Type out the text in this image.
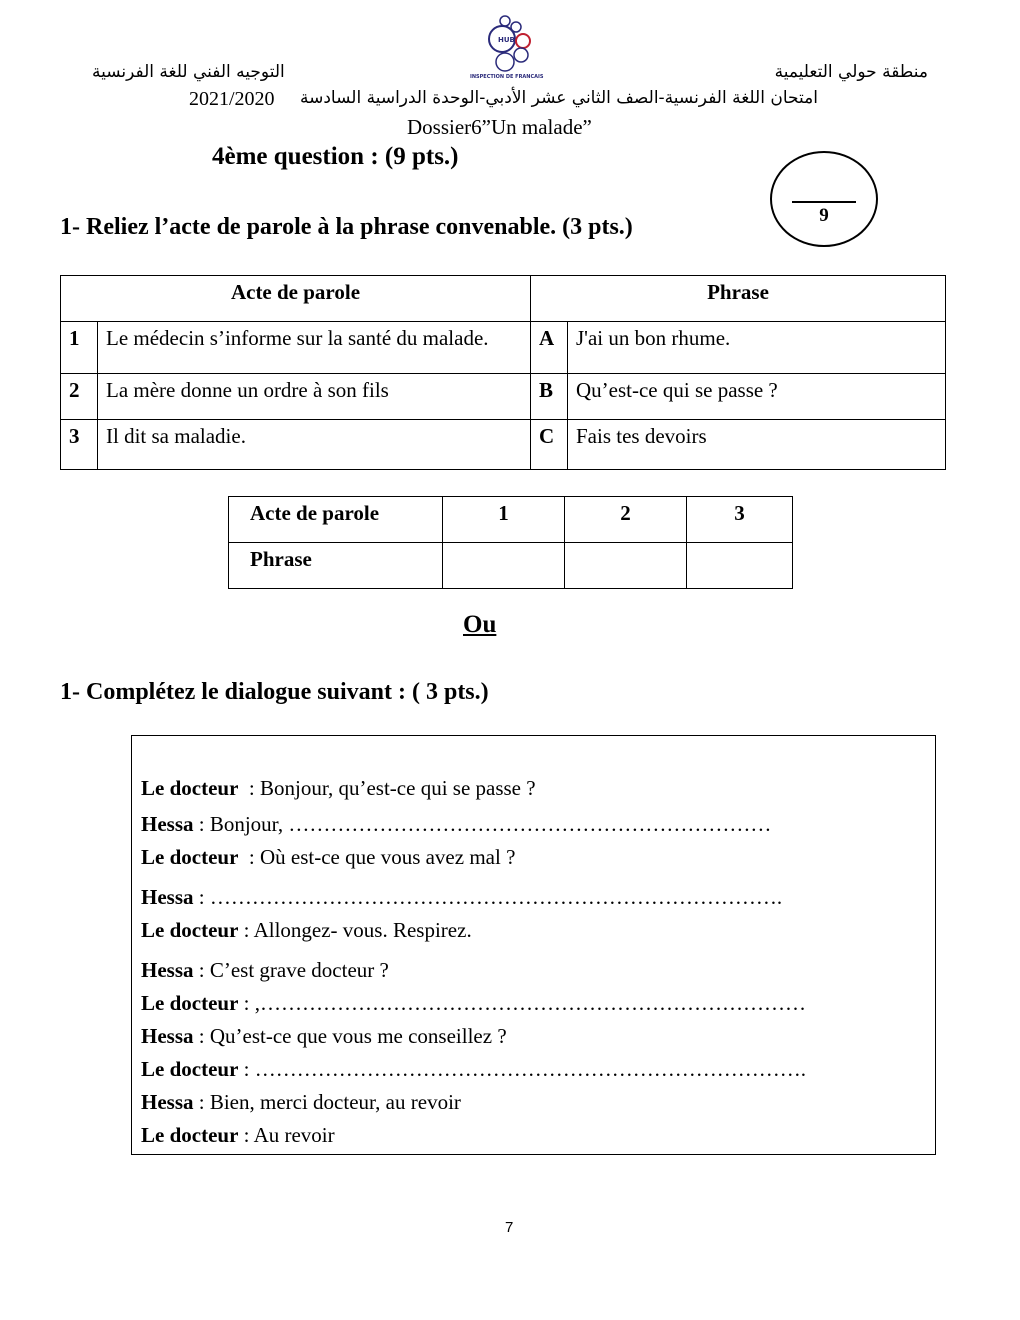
منطقة حولي التعليمية
التوجيه الفني للغة الفرنسية
HUB
INSPECTION DE FRANCAIS
امتحان اللغة الفرنسية-الصف الثاني عشر الأدبي-الوحدة الدراسية السادسة
2021/2020
Dossier6”Un malade”
4ème question : (9 pts.)
9
1- Reliez l’acte de parole à la phrase convenable. (3 pts.)
Acte de parole		Phrase	
1	Le médecin s’informe sur la santé du malade.	A	J'ai un bon rhume.
2	La mère donne un ordre à son fils	B	Qu’est-ce qui se passe ?
3	Il dit sa maladie.	C	Fais tes devoirs
Acte de parole	1	2	3
Phrase			
Ou
1- Complétez le dialogue suivant : ( 3 pts.)
Le docteur  : Bonjour, qu’est-ce qui se passe ?
Hessa : Bonjour, ……………………………………………………………
Le docteur  : Où est-ce que vous avez mal ?
Hessa : ……………………………………………………………………….
Le docteur : Allongez- vous. Respirez.
Hessa : C’est grave docteur ?
Le docteur : ,……………………………………………………………………
Hessa : Qu’est-ce que vous me conseillez ?
Le docteur : …………………………………………………………………….
Hessa : Bien, merci docteur, au revoir
Le docteur : Au revoir
7
